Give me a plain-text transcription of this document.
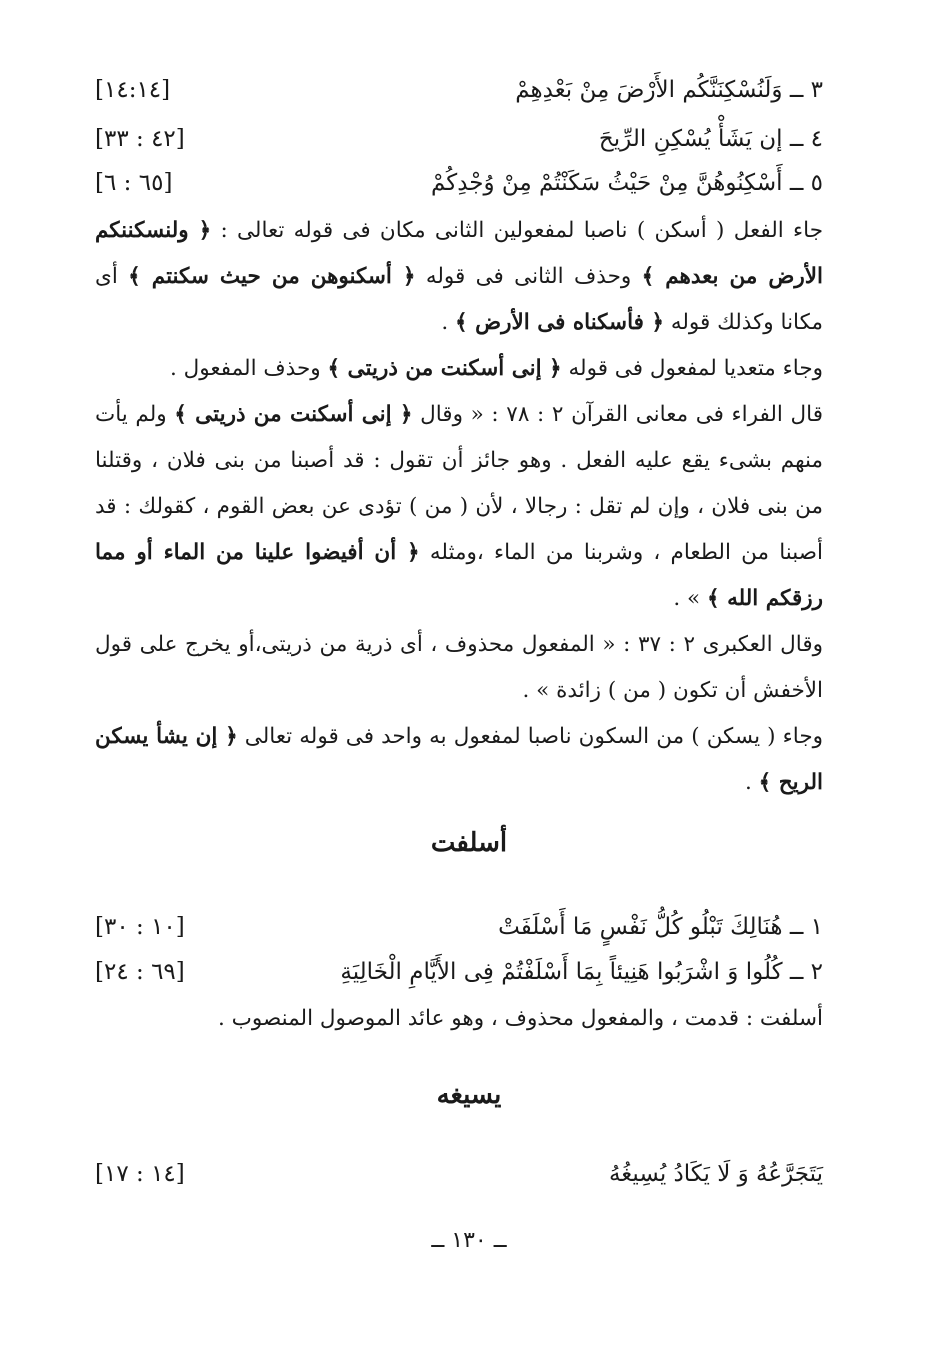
[١٤:١٤]	٣ ــ وَلَنُسْكِنَنَّكُم الأَرْضَ مِنْ بَعْدِهِمْ
[٤٢ : ٣٣]	٤ ــ إن يَشَأْ يُسْكِنِ الرِّيحَ
[٦٥ : ٦]	٥ ــ أَسْكِنُوهُنَّ مِنْ حَيْثُ سَكَنْتُمْ مِنْ وُجْدِكُمْ

جاء الفعل ( أسكن ) ناصبا لمفعولين الثانى مكان فى قوله تعالى : ﴿ ولنسكننكم الأرض من بعدهم ﴾ وحذف الثانى فى قوله ﴿ أسكنوهن من حيث سكنتم ﴾ أى مكانا وكذلك قوله ﴿ فأسكناه فى الأرض ﴾ .

وجاء متعديا لمفعول فى قوله ﴿ إنى أسكنت من ذريتى ﴾ وحذف المفعول .

قال الفراء فى معانى القرآن ٢ : ٧٨ : « وقال ﴿ إنى أسكنت من ذريتى ﴾ ولم يأت منهم بشىء يقع عليه الفعل . وهو جائز أن تقول : قد أصبنا من بنى فلان ، وقتلنا من بنى فلان ، وإن لم تقل : رجالا ، لأن ( من ) تؤدى عن بعض القوم ، كقولك : قد أصبنا من الطعام ، وشربنا من الماء ،ومثله ﴿ أن أفيضوا علينا من الماء أو مما رزقكم الله ﴾ » .

وقال العكبرى ٢ : ٣٧ : « المفعول محذوف ، أى ذرية من ذريتى،أو يخرج على قول الأخفش أن تكون ( من ) زائدة » .

وجاء ( يسكن ) من السكون ناصبا لمفعول به واحد فى قوله تعالى ﴿ إن يشأ يسكن الريح ﴾ .

أسلفت
[١٠ : ٣٠]	١ ــ هُنَالِكَ تَبْلُو كُلُّ نَفْسٍ مَا أَسْلَفَتْ
[٦٩ : ٢٤]	٢ ــ كُلُوا وَ اشْرَبُوا هَنِيئاً بِمَا أَسْلَفْتُمْ فِى الأَيَّامِ الْخَالِيَةِ

أسلفت : قدمت ، والمفعول محذوف ، وهو عائد الموصول المنصوب .

يسيغه
[١٤ : ١٧]	يَتَجَرَّعُهُ وَ لَا يَكَادُ يُسِيغُهُ
ــ ١٣٠ ــ
